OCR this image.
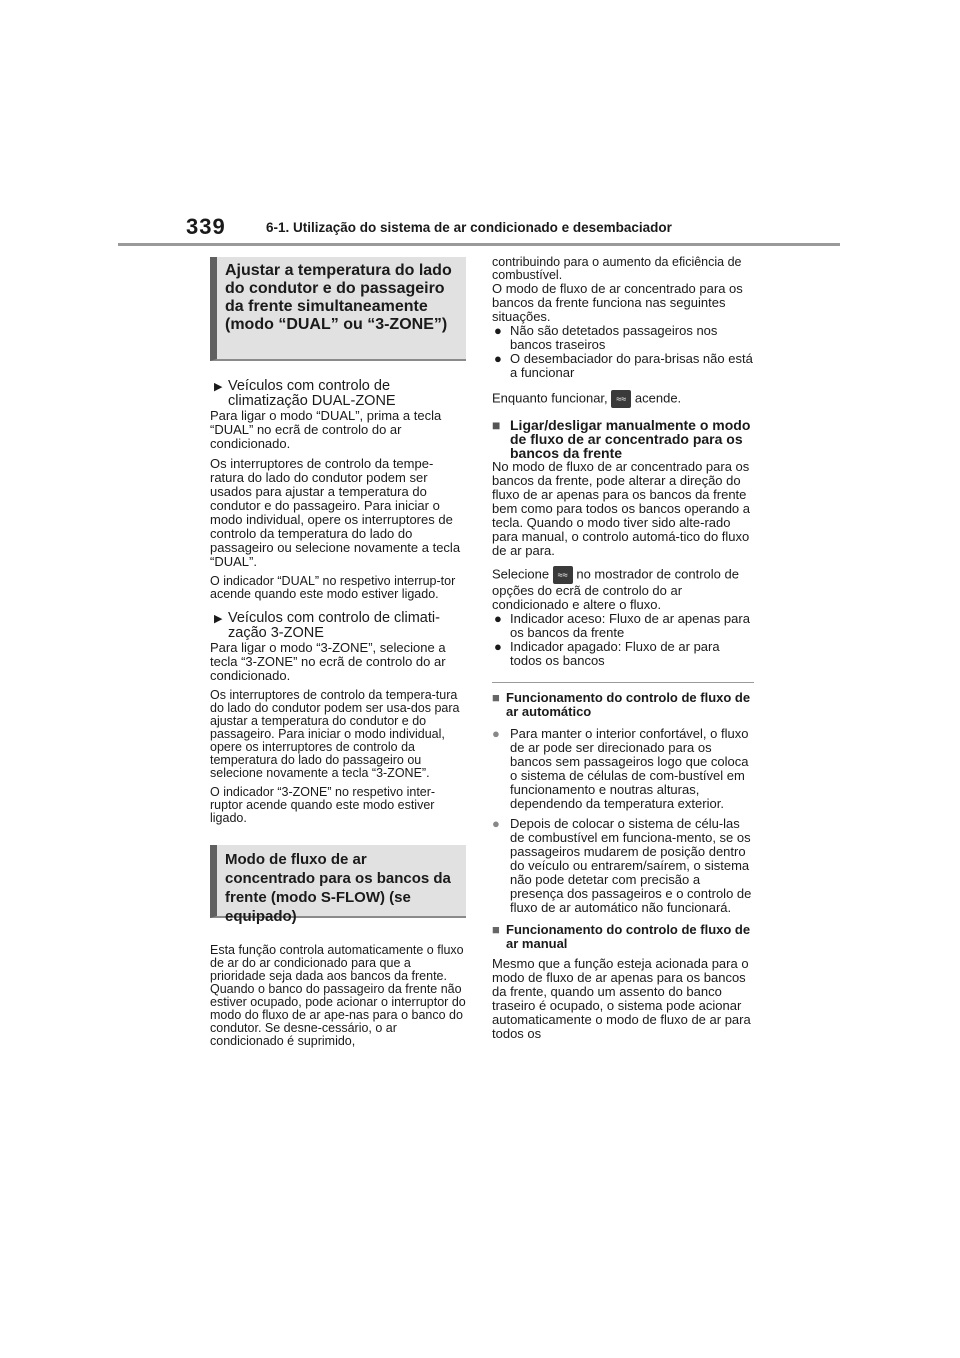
339	6-1. Utilização do sistema de ar condicionado e desembaciador
Ajustar a temperatura do lado do condutor e do passageiro da frente simultaneamente (modo “DUAL” ou “3-ZONE”)
▶ Veículos com controlo de climatização DUAL-ZONE

Para ligar o modo “DUAL”, prima a tecla “DUAL” no ecrã de controlo do ar condicionado.

Os interruptores de controlo da tempe-ratura do lado do condutor podem ser usados para ajustar a temperatura do condutor e do passageiro. Para iniciar o modo individual, opere os interruptores de controlo da temperatura do lado do passageiro ou selecione novamente a tecla “DUAL”.

O indicador “DUAL” no respetivo interrup-tor acende quando este modo estiver ligado.

▶ Veículos com controlo de climati-zação 3-ZONE

Para ligar o modo “3-ZONE”, selecione a tecla “3-ZONE” no ecrã de controlo do ar condicionado.

Os interruptores de controlo da tempera-tura do lado do condutor podem ser usa-dos para ajustar a temperatura do condutor e do passageiro. Para iniciar o modo individual, opere os interruptores de controlo da temperatura do lado do passageiro ou selecione novamente a tecla “3-ZONE”.

O indicador “3-ZONE” no respetivo inter-ruptor acende quando este modo estiver ligado.

Modo de fluxo de ar concentrado para os bancos da frente (modo S-FLOW) (se equipado)

Esta função controla automaticamente o fluxo de ar do ar condicionado para que a prioridade seja dada aos bancos da frente. Quando o banco do passageiro da frente não estiver ocupado, pode acionar o interruptor do modo do fluxo de ar ape-nas para o banco do condutor. Se desne-cessário, o ar condicionado é suprimido,

contribuindo para o aumento da eficiência de combustível.

O modo de fluxo de ar concentrado para os bancos da frente funciona nas seguintes situações.

● Não são detetados passageiros nos bancos traseiros
● O desembaciador do para-brisas não está a funcionar

Enquanto funcionar, ≈≈ acende.

■ Ligar/desligar manualmente o modo de fluxo de ar concentrado para os bancos da frente

No modo de fluxo de ar concentrado para os bancos da frente, pode alterar a direção do fluxo de ar apenas para os bancos da frente bem como para todos os bancos operando a tecla. Quando o modo tiver sido alte-rado para manual, o controlo automá-tico do fluxo de ar para.

Selecione ≈≈ no mostrador de controlo de opções do ecrã de controlo do ar condicionado e altere o fluxo.

● Indicador aceso: Fluxo de ar apenas para os bancos da frente
● Indicador apagado: Fluxo de ar para todos os bancos
■ Funcionamento do controlo de fluxo de ar automático
● Para manter o interior confortável, o fluxo de ar pode ser direcionado para os bancos sem passageiros logo que coloca o sistema de células de com-bustível em funcionamento e noutras alturas, dependendo da temperatura exterior.
● Depois de colocar o sistema de célu-las de combustível em funciona-mento, se os passageiros mudarem de posição dentro do veículo ou entrarem/saírem, o sistema não pode detetar com precisão a presença dos passageiros e o controlo de fluxo de ar automático não funcionará.
■ Funcionamento do controlo de fluxo de ar manual

Mesmo que a função esteja acionada para o modo de fluxo de ar apenas para os bancos da frente, quando um assento do banco traseiro é ocupado, o sistema pode acionar automaticamente o modo de fluxo de ar para todos os
